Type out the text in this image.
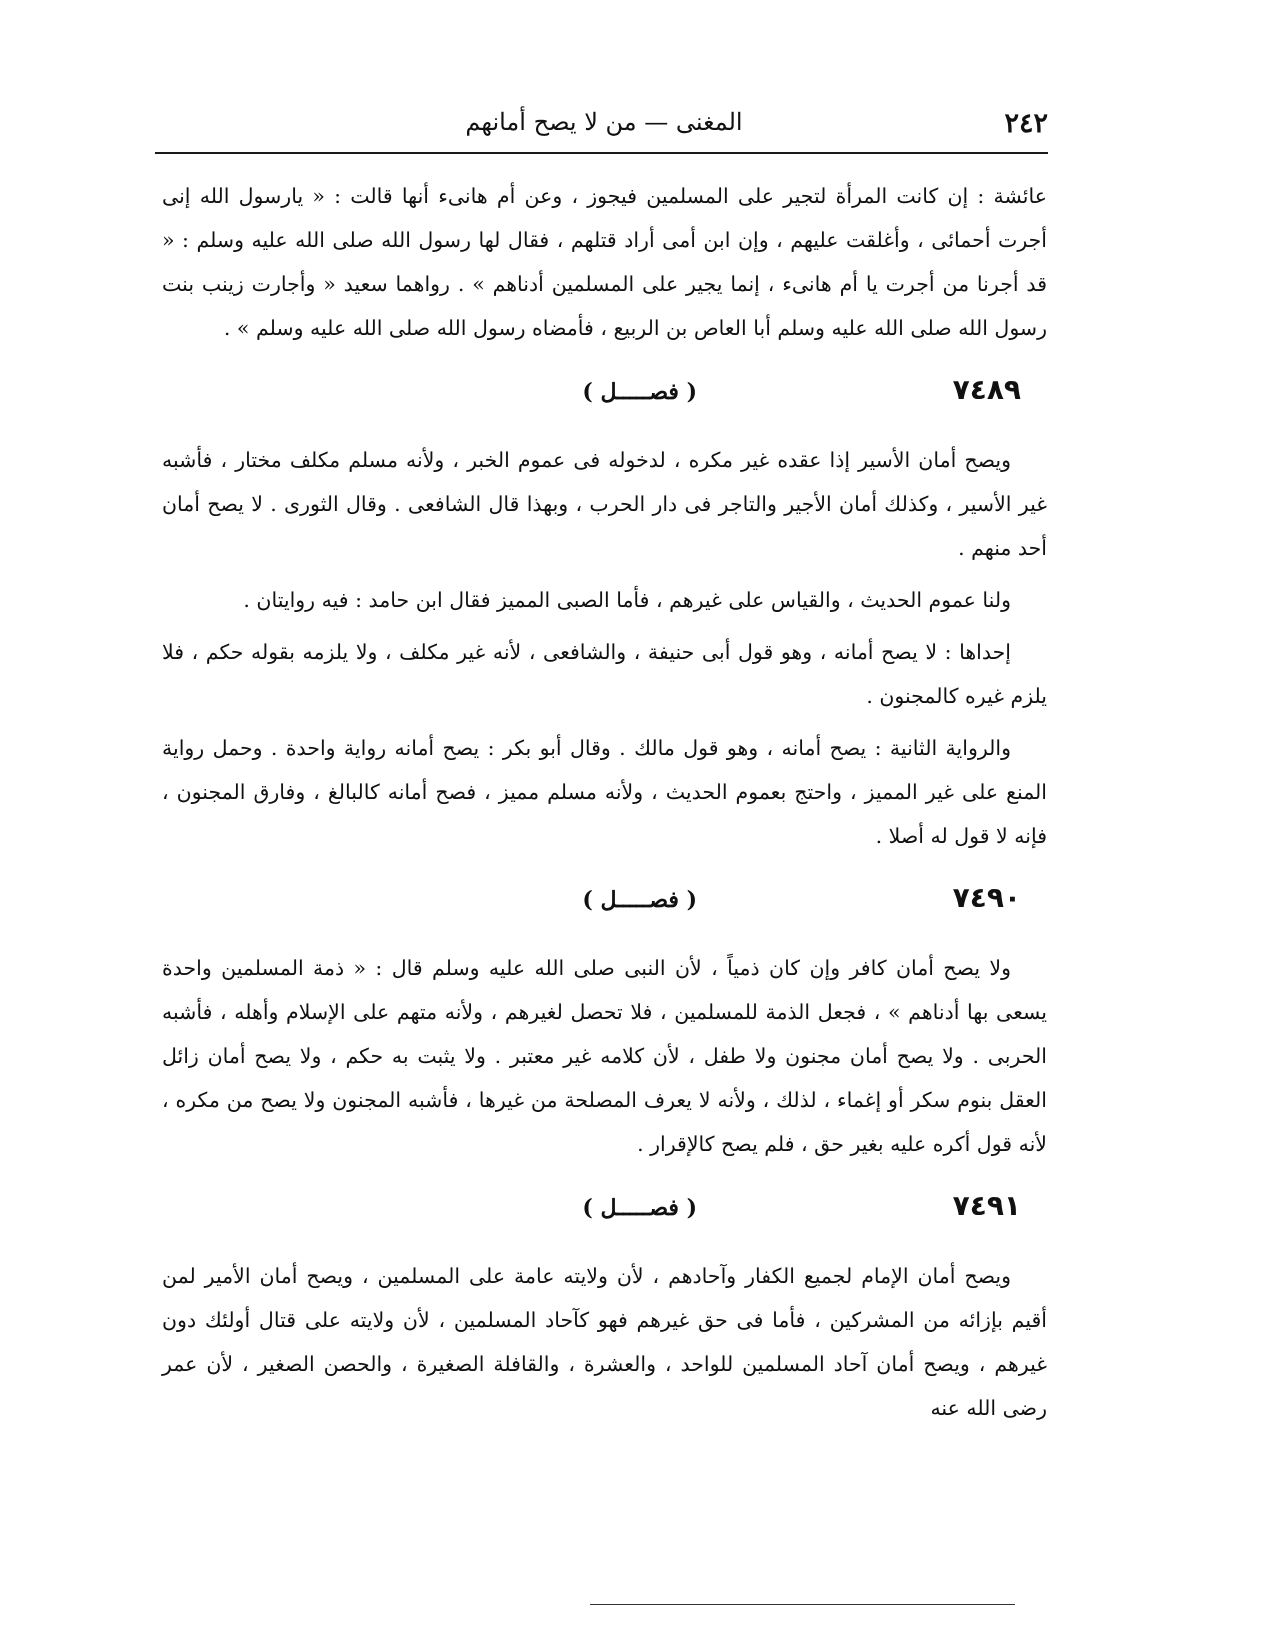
٢٤٢
المغنى — من لا يصح أمانهم

عائشة : إن كانت المرأة لتجير على المسلمين فيجوز ، وعن أم هانىء أنها قالت : « يارسول الله إنى أجرت أحمائى ، وأغلقت عليهم ، وإن ابن أمى أراد قتلهم ، فقال لها رسول الله صلى الله عليه وسلم : « قد أجرنا من أجرت يا أم هانىء ، إنما يجير على المسلمين أدناهم » . رواهما سعيد « وأجارت زينب بنت رسول الله صلى الله عليه وسلم أبا العاص بن الربيع ، فأمضاه رسول الله صلى الله عليه وسلم » .

٧٤٨٩
( فصـــــل )

ويصح أمان الأسير إذا عقده غير مكره ، لدخوله فى عموم الخبر ، ولأنه مسلم مكلف مختار ، فأشبه غير الأسير ، وكذلك أمان الأجير والتاجر فى دار الحرب ، وبهذا قال الشافعى . وقال الثورى . لا يصح أمان أحد منهم .

ولنا عموم الحديث ، والقياس على غيرهم ، فأما الصبى المميز فقال ابن حامد : فيه روايتان .

إحداها : لا يصح أمانه ، وهو قول أبى حنيفة ، والشافعى ، لأنه غير مكلف ، ولا يلزمه بقوله حكم ، فلا يلزم غيره كالمجنون .

والرواية الثانية : يصح أمانه ، وهو قول مالك . وقال أبو بكر : يصح أمانه رواية واحدة . وحمل رواية المنع على غير المميز ، واحتج بعموم الحديث ، ولأنه مسلم مميز ، فصح أمانه كالبالغ ، وفارق المجنون ، فإنه لا قول له أصلا .

٧٤٩٠
( فصـــــل )

ولا يصح أمان كافر وإن كان ذمياً ، لأن النبى صلى الله عليه وسلم قال : « ذمة المسلمين واحدة يسعى بها أدناهم » ، فجعل الذمة للمسلمين ، فلا تحصل لغيرهم ، ولأنه متهم على الإسلام وأهله ، فأشبه الحربى . ولا يصح أمان مجنون ولا طفل ، لأن كلامه غير معتبر . ولا يثبت به حكم ، ولا يصح أمان زائل العقل بنوم سكر أو إغماء ، لذلك ، ولأنه لا يعرف المصلحة من غيرها ، فأشبه المجنون ولا يصح من مكره ، لأنه قول أكره عليه بغير حق ، فلم يصح كالإقرار .

٧٤٩١
( فصـــــل )

ويصح أمان الإمام لجميع الكفار وآحادهم ، لأن ولايته عامة على المسلمين ، ويصح أمان الأمير لمن أقيم بإزائه من المشركين ، فأما فى حق غيرهم فهو كآحاد المسلمين ، لأن ولايته على قتال أولئك دون غيرهم ، ويصح أمان آحاد المسلمين للواحد ، والعشرة ، والقافلة الصغيرة ، والحصن الصغير ، لأن عمر رضى الله عنه
